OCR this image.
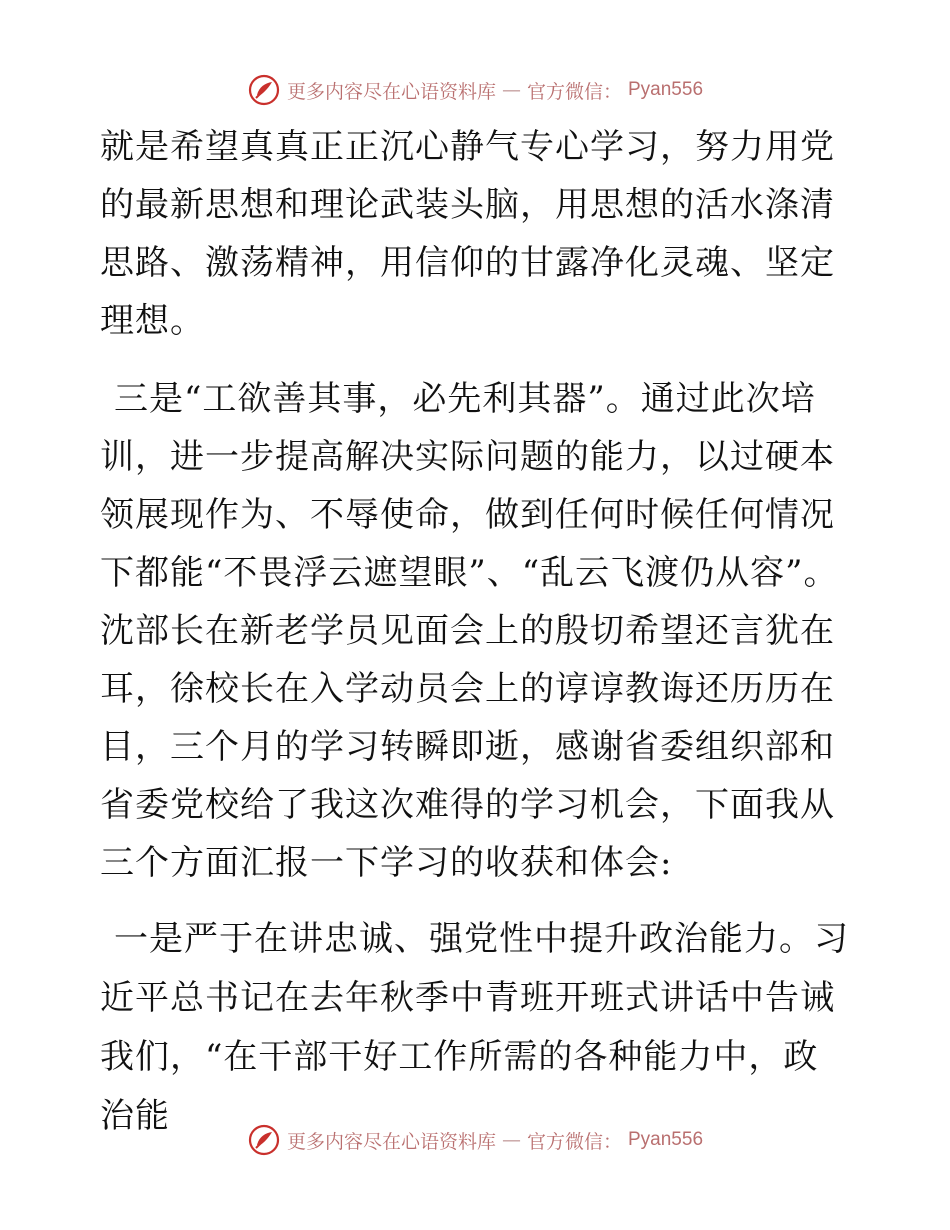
更多内容尽在心语资料库 — 官方微信： Pyan556

就是希望真真正正沉心静气专心学习，努力用党的最新思想和理论武装头脑，用思想的活水涤清思路、激荡精神，用信仰的甘露净化灵魂、坚定理想。

三是“工欲善其事，必先利其器”。通过此次培训，进一步提高解决实际问题的能力，以过硬本领展现作为、不辱使命，做到任何时候任何情况下都能“不畏浮云遮望眼”、“乱云飞渡仍从容”。沈部长在新老学员见面会上的殷切希望还言犹在耳，徐校长在入学动员会上的谆谆教诲还历历在目，三个月的学习转瞬即逝，感谢省委组织部和省委党校给了我这次难得的学习机会，下面我从三个方面汇报一下学习的收获和体会:

一是严于在讲忠诚、强党性中提升政治能力。习近平总书记在去年秋季中青班开班式讲话中告诫我们，“在干部干好工作所需的各种能力中，政治能

更多内容尽在心语资料库 — 官方微信： Pyan556
